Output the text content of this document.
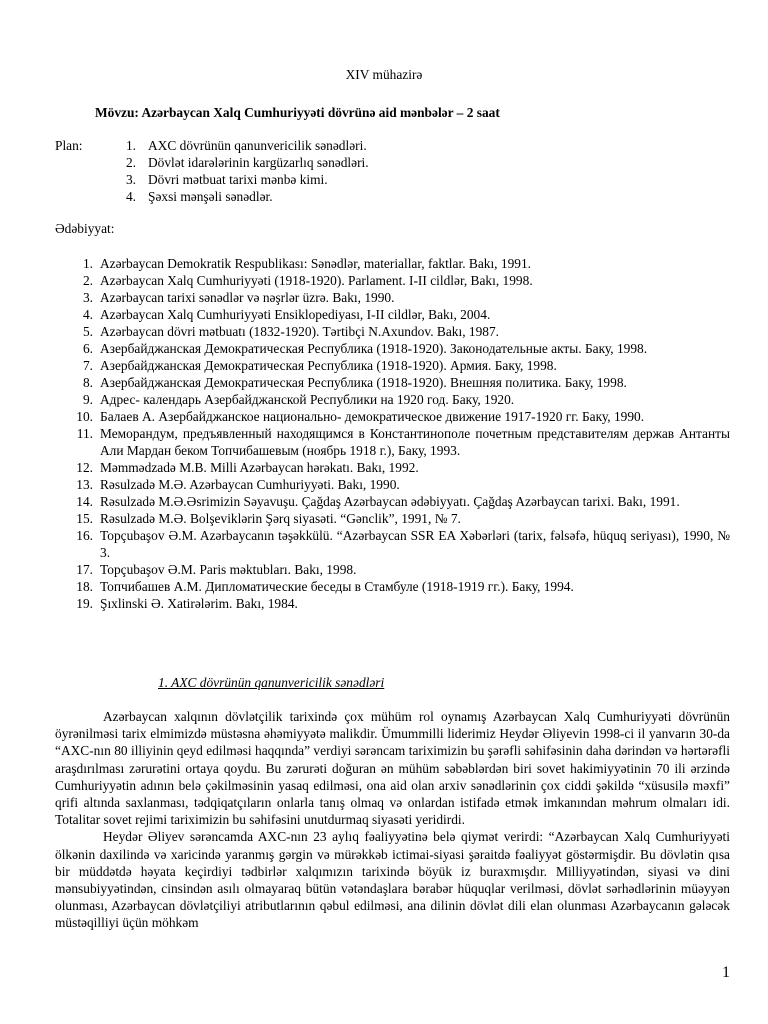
XIV mühazirə
Mövzu: Azərbaycan Xalq Cumhuriyyəti dövrünə aid mənbələr – 2 saat
Plan:	1. AXC dövrünün qanunvericilik sənədləri.
2. Dövlət idarələrinin kargüzarlıq sənədləri.
3. Dövri mətbuat tarixi mənbə kimi.
4. Şəxsi mənşəli sənədlər.
Ədəbiyyat:
1. Azərbaycan Demokratik Respublikası: Sənədlər, materiallar, faktlar. Bakı, 1991.
2. Azərbaycan Xalq Cumhuriyyəti (1918-1920). Parlament. I-II cildlər, Bakı, 1998.
3. Azərbaycan tarixi sənədlər və nəşrlər üzrə. Bakı, 1990.
4. Azərbaycan Xalq Cumhuriyyəti Ensiklopediyası, I-II cildlər, Bakı, 2004.
5. Azərbaycan dövri mətbuatı (1832-1920). Tərtibçi N.Axundov. Bakı, 1987.
6. Азербайджанская Демократическая Республика (1918-1920). Законодательные акты. Баку, 1998.
7. Азербайджанская Демократическая Республика (1918-1920). Армия. Баку, 1998.
8. Азербайджанская Демократическая Республика (1918-1920). Внешняя политика. Баку, 1998.
9. Адрес- календарь Азербайджанской Республики на 1920 год. Баку, 1920.
10. Балаев А. Азербайджанское национально- демократическое движение 1917-1920 гг. Баку, 1990.
11. Меморандум, предъявленный находящимся в Константинополе почетным представителям держав Антанты Али Мардан беком Топчибашевым (ноябрь 1918 г.), Баку, 1993.
12. Məmmədzadə M.B. Milli Azərbaycan hərəkatı. Bakı, 1992.
13. Rəsulzadə M.Ə. Azərbaycan Cumhuriyyəti. Bakı, 1990.
14. Rəsulzadə M.Ə.Əsrimizin Səyavuşu. Çağdaş Azərbaycan ədəbiyyatı. Çağdaş Azərbaycan tarixi. Bakı, 1991.
15. Rəsulzadə M.Ə. Bolşeviklərin Şərq siyasəti. “Gənclik”, 1991, № 7.
16. Topçubaşov Ə.M. Azərbaycanın təşəkkülü. “Azərbaycan SSR EA Xəbərləri (tarix, fəlsəfə, hüquq seriyası), 1990, № 3.
17. Topçubaşov Ə.M. Paris məktubları. Bakı, 1998.
18. Топчибашев А.М. Дипломатические беседы в Стамбуле (1918-1919 гг.). Баку, 1994.
19. Şıxlinski Ə. Xatirələrim. Bakı, 1984.
1. AXC dövrünün qanunvericilik sənədləri

Azərbaycan xalqının dövlətçilik tarixində çox mühüm rol oynamış Azərbaycan Xalq Cumhuriyyəti dövrünün öyrənilməsi tarix elmimizdə müstəsna əhəmiyyətə malikdir. Ümummilli liderimiz Heydər Əliyevin 1998-ci il yanvarın 30-da “AXC-nın 80 illiyinin qeyd edilməsi haqqında” verdiyi sərəncam tariximizin bu şərəfli səhifəsinin daha dərindən və hərtərəfli araşdırılması zərurətini ortaya qoydu. Bu zərurəti doğuran ən mühüm səbəblərdən biri sovet hakimiyyətinin 70 ili ərzində Cumhuriyyətin adının belə çəkilməsinin yasaq edilməsi, ona aid olan arxiv sənədlərinin çox ciddi şəkildə “xüsusilə məxfi” qrifi altında saxlanması, tədqiqatçıların onlarla tanış olmaq və onlardan istifadə etmək imkanından məhrum olmaları idi. Totalitar sovet rejimi tariximizin bu səhifəsini unutdurmaq siyasəti yeridirdi.

Heydər Əliyev sərəncamda AXC-nın 23 aylıq fəaliyyətinə belə qiymət verirdi: “Azərbaycan Xalq Cumhuriyyəti ölkənin daxilində və xaricində yaranmış gərgin və mürəkkəb ictimai-siyasi şəraitdə fəaliyyət göstərmişdir. Bu dövlətin qısa bir müddətdə həyata keçirdiyi tədbirlər xalqımızın tarixində böyük iz buraxmışdır. Milliyyətindən, siyasi və dini mənsubiyyətindən, cinsindən asılı olmayaraq bütün vətəndaşlara bərabər hüquqlar verilməsi, dövlət sərhədlərinin müəyyən olunması, Azərbaycan dövlətçiliyi atributlarının qəbul edilməsi, ana dilinin dövlət dili elan olunması Azərbaycanın gələcək müstəqilliyi üçün möhkəm

1
